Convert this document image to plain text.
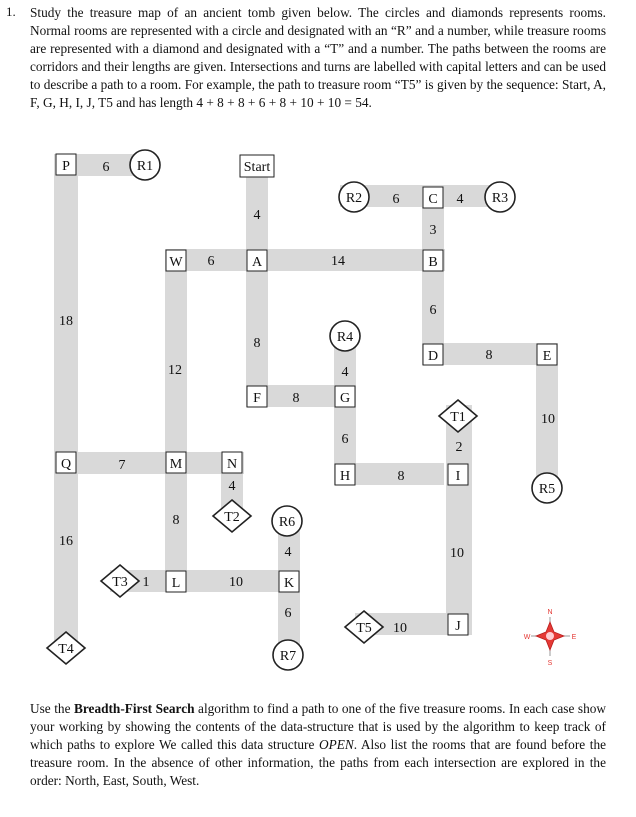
1. Study the treasure map of an ancient tomb given below. The circles and diamonds represents rooms. Normal rooms are represented with a circle and designated with an “R” and a number, while treasure rooms are represented with a diamond and designated with a “T” and a number. The paths between the rooms are corridors and their lengths are given. Intersections and turns are labelled with capital letters and can be used to describe a path to a room. For example, the path to treasure room “T5” is given by the sequence: Start, A, F, G, H, I, J, T5 and has length 4 + 8 + 8 + 6 + 8 + 10 + 10 = 54.

6
4
6	4
3
6	14
6
18
12
8
4
8
8
10
2
6
7
4
8
8
4
16
10
1	10
6
10
Start
P
W	A
C
B
D	E
F	G
Q	M	N
H	I
L	K
J
R1
R2	R3
R4
R5
R6
R7
T1
T2
T3
T4
T5
N
E
S
W

Use the Breadth-First Search algorithm to find a path to one of the five treasure rooms. In each case show your working by showing the contents of the data-structure that is used by the algorithm to keep track of which paths to explore We called this data structure OPEN. Also list the rooms that are found before the treasure room. In the absence of other information, the paths from each intersection are explored in the order: North, East, South, West.
